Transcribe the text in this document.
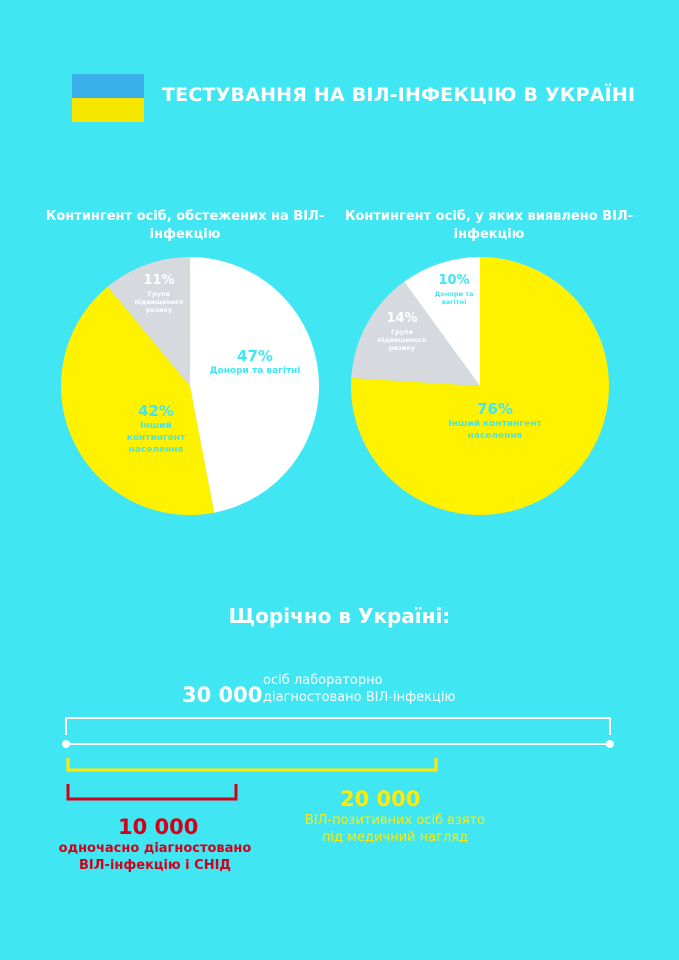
ТЕСТУВАННЯ НА ВІЛ-ІНФЕКЦІЮ В УКРАЇНІ
Контингент осіб, обстежених на ВІЛ-інфекцію
47%
Донори та вагітні
42%
Інший контингент населення
11%
Групи підвищеного ризику
Контингент осіб, у яких виявлено ВІЛ-інфекцію
76%
Інший контингент населення
14%
Групи підвищеного ризику
10%
Донори та вагітні
Щорічно в Україні:
30 000
осіб лабораторно
діагностовано ВІЛ-інфекцію
20 000
ВІЛ-позитивних осіб взято
під медичний нагляд
10 000
одночасно діагностовано
ВІЛ-інфекцію і СНІД
